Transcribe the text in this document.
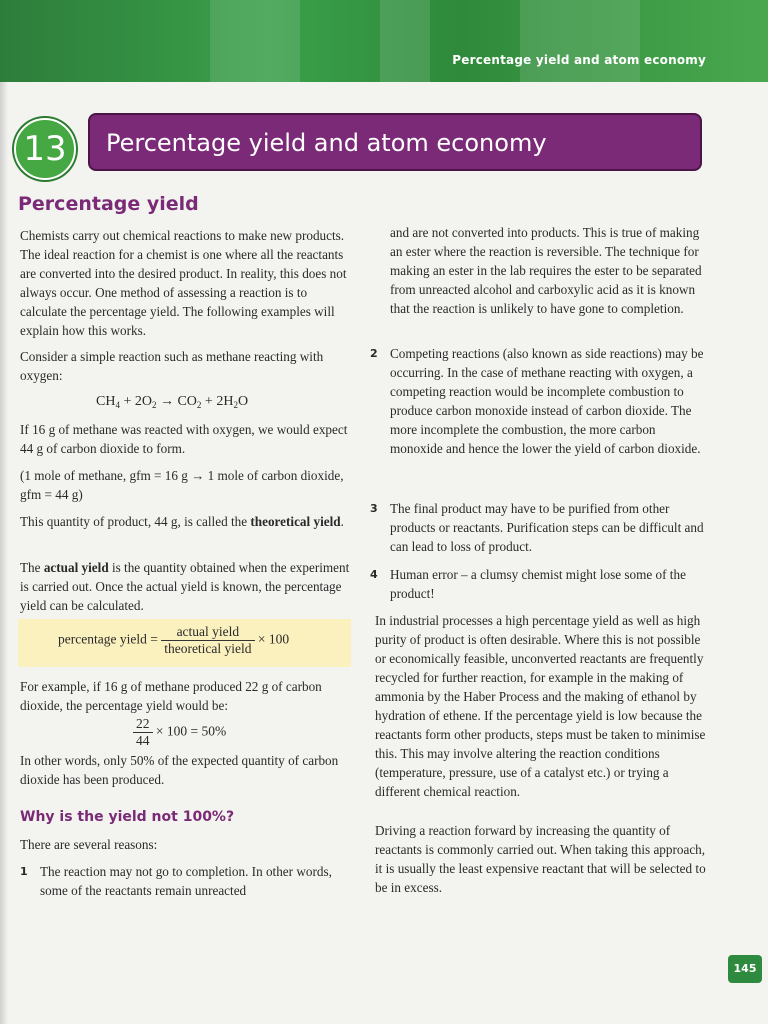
Percentage yield and atom economy
13	Percentage yield and atom economy
Percentage yield

Chemists carry out chemical reactions to make new products. The ideal reaction for a chemist is one where all the reactants are converted into the desired product. In reality, this does not always occur. One method of assessing a reaction is to calculate the percentage yield. The following examples will explain how this works.

Consider a simple reaction such as methane reacting with oxygen:

$CH_4 + 2O_2 \to CO_2 + 2H_2O$

If 16 g of methane was reacted with oxygen, we would expect 44 g of carbon dioxide to form.

(1 mole of methane, gfm = 16 g → 1 mole of carbon dioxide, gfm = 44 g)

This quantity of product, 44 g, is called the theoretical yield.

The actual yield is the quantity obtained when the experiment is carried out. Once the actual yield is known, the percentage yield can be calculated.

percentage yield = $\frac{\text{actual yield}}{\text{theoretical yield}} \times 100$

For example, if 16 g of methane produced 22 g of carbon dioxide, the percentage yield would be:

$\frac{22}{44} \times 100 = 50\%$

In other words, only 50% of the expected quantity of carbon dioxide has been produced.

Why is the yield not 100%?

There are several reasons:

1 The reaction may not go to completion. In other words, some of the reactants remain unreacted

and are not converted into products. This is true of making an ester where the reaction is reversible. The technique for making an ester in the lab requires the ester to be separated from unreacted alcohol and carboxylic acid as it is known that the reaction is unlikely to have gone to completion.

2 Competing reactions (also known as side reactions) may be occurring. In the case of methane reacting with oxygen, a competing reaction would be incomplete combustion to produce carbon monoxide instead of carbon dioxide. The more incomplete the combustion, the more carbon monoxide and hence the lower the yield of carbon dioxide.
3 The final product may have to be purified from other products or reactants. Purification steps can be difficult and can lead to loss of product.
4 Human error – a clumsy chemist might lose some of the product!

In industrial processes a high percentage yield as well as high purity of product is often desirable. Where this is not possible or economically feasible, unconverted reactants are frequently recycled for further reaction, for example in the making of ammonia by the Haber Process and the making of ethanol by hydration of ethene. If the percentage yield is low because the reactants form other products, steps must be taken to minimise this. This may involve altering the reaction conditions (temperature, pressure, use of a catalyst etc.) or trying a different chemical reaction.

Driving a reaction forward by increasing the quantity of reactants is commonly carried out. When taking this approach, it is usually the least expensive reactant that will be selected to be in excess.

145
